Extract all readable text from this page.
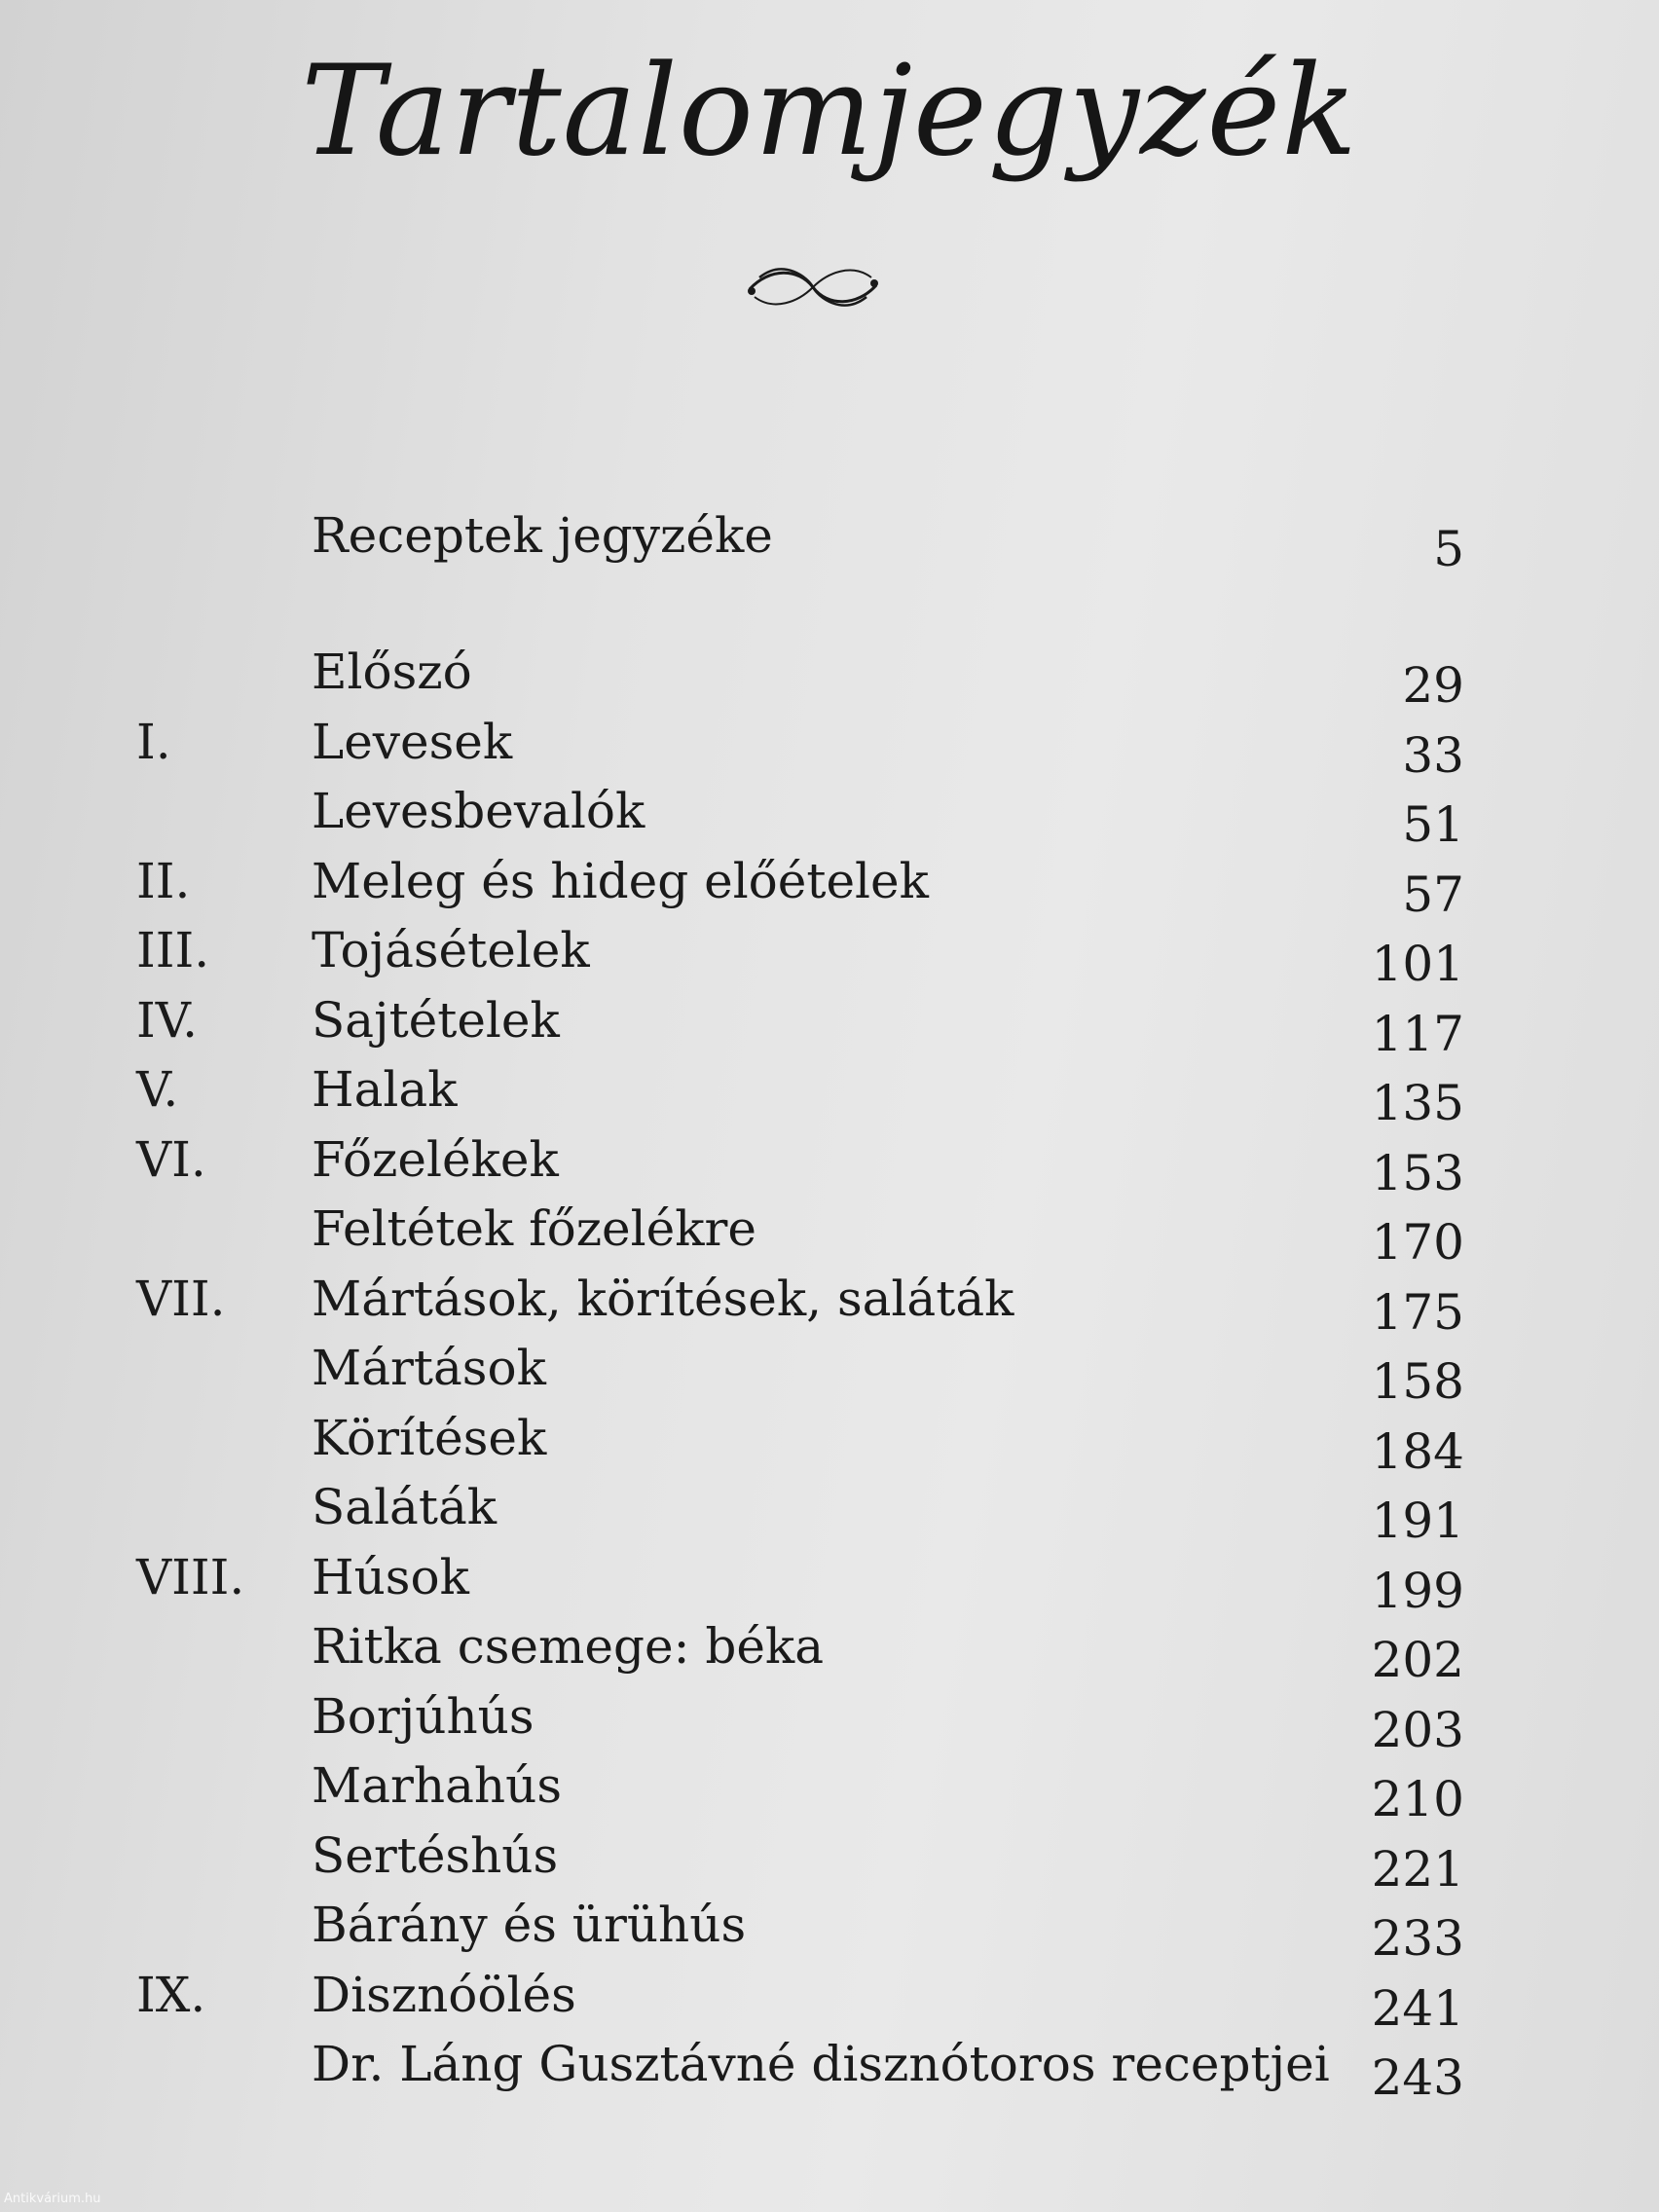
Tartalomjegyzék
Receptek jegyzéke	5
Előszó	29
I.	Levesek	33
Levesbevalók	51
II. Meleg és hideg előételek	57
III. Tojásételek	101
IV. Sajtételek	117
V.	Halak	135
VI. Főzelékek	153
Feltétek főzelékre	170
VII. Mártások, körítések, saláták	175
Mártások	158
Körítések	184
Saláták	191
VIII. Húsok	199
Ritka csemege: béka	202
Borjúhús	203
Marhahús	210
Sertéshús	221
Bárány és ürühús	233
IX. Disznóölés	241
Dr. Láng Gusztávné disznótoros receptjei 243
Antikvárium.hu
